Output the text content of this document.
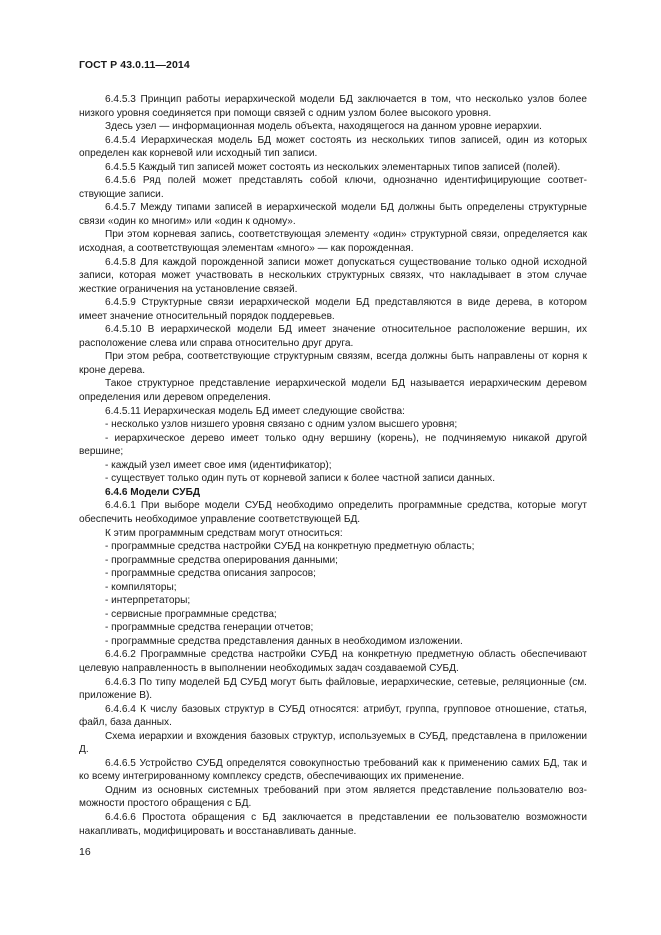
ГОСТ Р 43.0.11—2014

6.4.5.3 Принцип работы иерархической модели БД заключается в том, что несколько узлов более низкого уровня соединяется при помощи связей с одним узлом более высокого уровня.

Здесь узел — информационная модель объекта, находящегося на данном уровне иерархии.

6.4.5.4 Иерархическая модель БД может состоять из нескольких типов записей, один из которых определен как корневой или исходный тип записи.

6.4.5.5 Каждый тип записей может состоять из нескольких элементарных типов записей (полей).

6.4.5.6 Ряд полей может представлять собой ключи, однозначно идентифицирующие соответствующие записи.

6.4.5.7 Между типами записей в иерархической модели БД должны быть определены структурные связи «один ко многим» или «один к одному».

При этом корневая запись, соответствующая элементу «один» структурной связи, определяется как исходная, а соответствующая элементам «много» — как порожденная.

6.4.5.8 Для каждой порожденной записи может допускаться существование только одной исходной записи, которая может участвовать в нескольких структурных связях, что накладывает в этом случае жесткие ограничения на установление связей.

6.4.5.9 Структурные связи иерархической модели БД представляются в виде дерева, в котором имеет значение относительный порядок поддеревьев.

6.4.5.10 В иерархической модели БД имеет значение относительное расположение вершин, их расположение слева или справа относительно друг друга.

При этом ребра, соответствующие структурным связям, всегда должны быть направлены от корня к кроне дерева.

Такое структурное представление иерархической модели БД называется иерархическим деревом определения или деревом определения.

6.4.5.11 Иерархическая модель БД имеет следующие свойства:

- несколько узлов низшего уровня связано с одним узлом высшего уровня;

- иерархическое дерево имеет только одну вершину (корень), не подчиняемую никакой другой вершине;

- каждый узел имеет свое имя (идентификатор);

- существует только один путь от корневой записи к более частной записи данных.

6.4.6 Модели СУБД

6.4.6.1 При выборе модели СУБД необходимо определить программные средства, которые могут обеспечить необходимое управление соответствующей БД.

К этим программным средствам могут относиться:

- программные средства настройки СУБД на конкретную предметную область;

- программные средства оперирования данными;

- программные средства описания запросов;

- компиляторы;

- интерпретаторы;

- сервисные программные средства;

- программные средства генерации отчетов;

- программные средства представления данных в необходимом изложении.

6.4.6.2 Программные средства настройки СУБД на конкретную предметную область обеспечивают целевую направленность в выполнении необходимых задач создаваемой СУБД.

6.4.6.3 По типу моделей БД СУБД могут быть файловые, иерархические, сетевые, реляционные (см. приложение В).

6.4.6.4 К числу базовых структур в СУБД относятся: атрибут, группа, групповое отношение, статья, файл, база данных.

Схема иерархии и вхождения базовых структур, используемых в СУБД, представлена в приложении Д.

6.4.6.5 Устройство СУБД определятся совокупностью требований как к применению самих БД, так и ко всему интегрированному комплексу средств, обеспечивающих их применение.

Одним из основных системных требований при этом является представление пользователю возможности простого обращения с БД.

6.4.6.6 Простота обращения с БД заключается в представлении ее пользователю возможности накапливать, модифицировать и восстанавливать данные.

16
